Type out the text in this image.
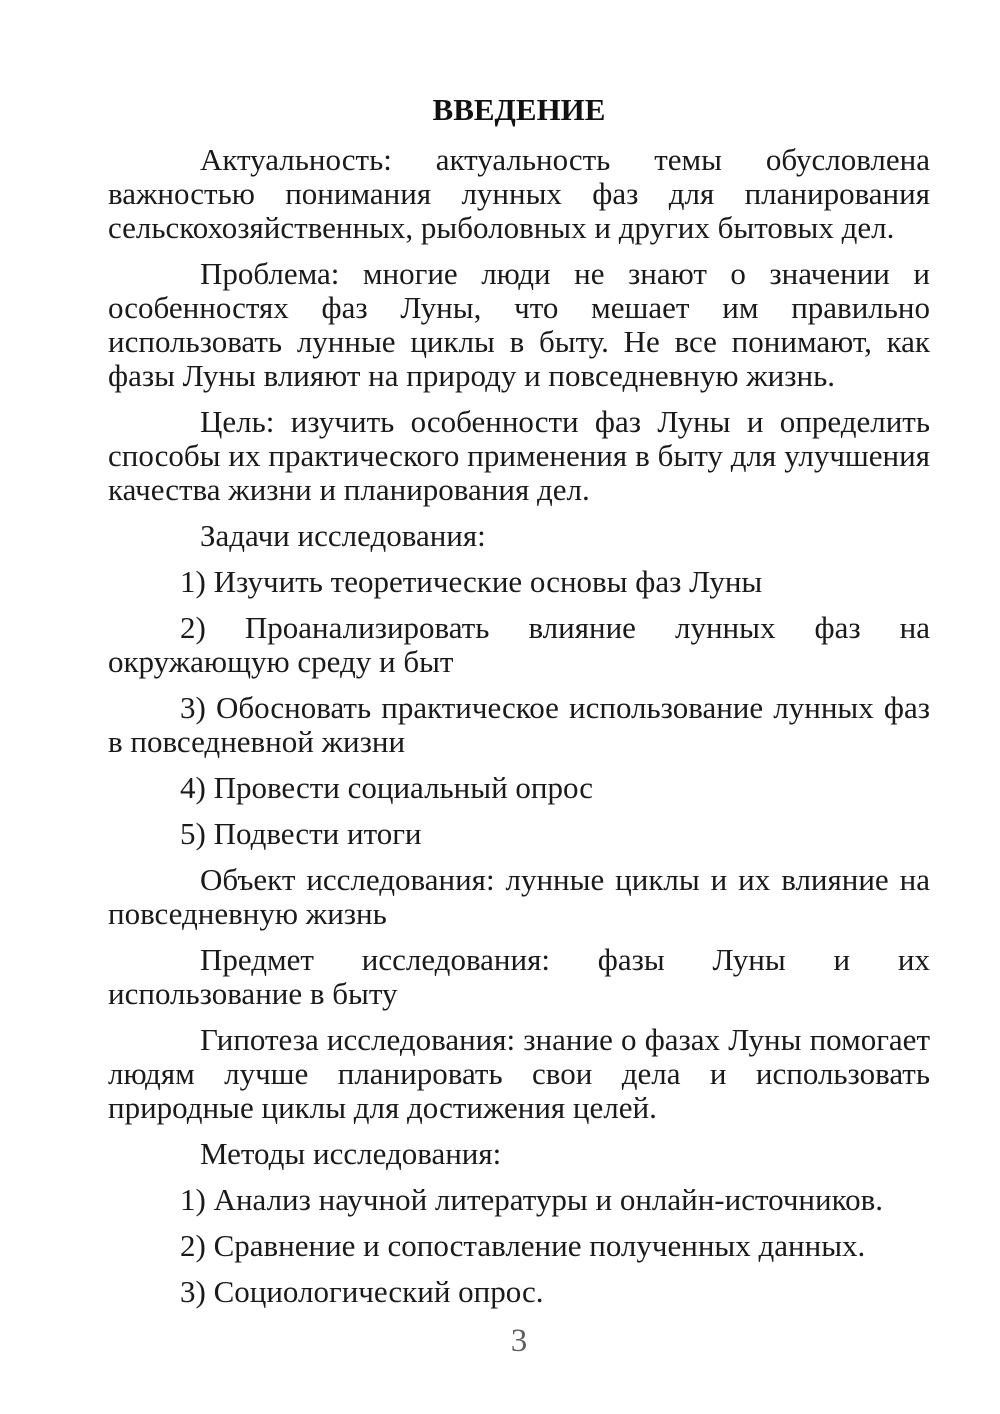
ВВЕДЕНИЕ

Актуальность: актуальность темы обусловлена важностью понимания лунных фаз для планирования сельскохозяйственных, рыболовных и других бытовых дел.

Проблема: многие люди не знают о значении и особенностях фаз Луны, что мешает им правильно использовать лунные циклы в быту. Не все понимают, как фазы Луны влияют на природу и повседневную жизнь.

Цель: изучить особенности фаз Луны и определить способы их практического применения в быту для улучшения качества жизни и планирования дел.

Задачи исследования:

1) Изучить теоретические основы фаз Луны

2) Проанализировать влияние лунных фаз на окружающую среду и быт

3) Обосновать практическое использование лунных фаз в повседневной жизни

4) Провести социальный опрос

5) Подвести итоги

Объект исследования: лунные циклы и их влияние на повседневную жизнь

Предмет исследования: фазы Луны и их использование в быту

Гипотеза исследования: знание о фазах Луны помогает людям лучше планировать свои дела и использовать природные циклы для достижения целей.

Методы исследования:

1) Анализ научной литературы и онлайн-источников.

2) Сравнение и сопоставление полученных данных.

3) Социологический опрос.

3
